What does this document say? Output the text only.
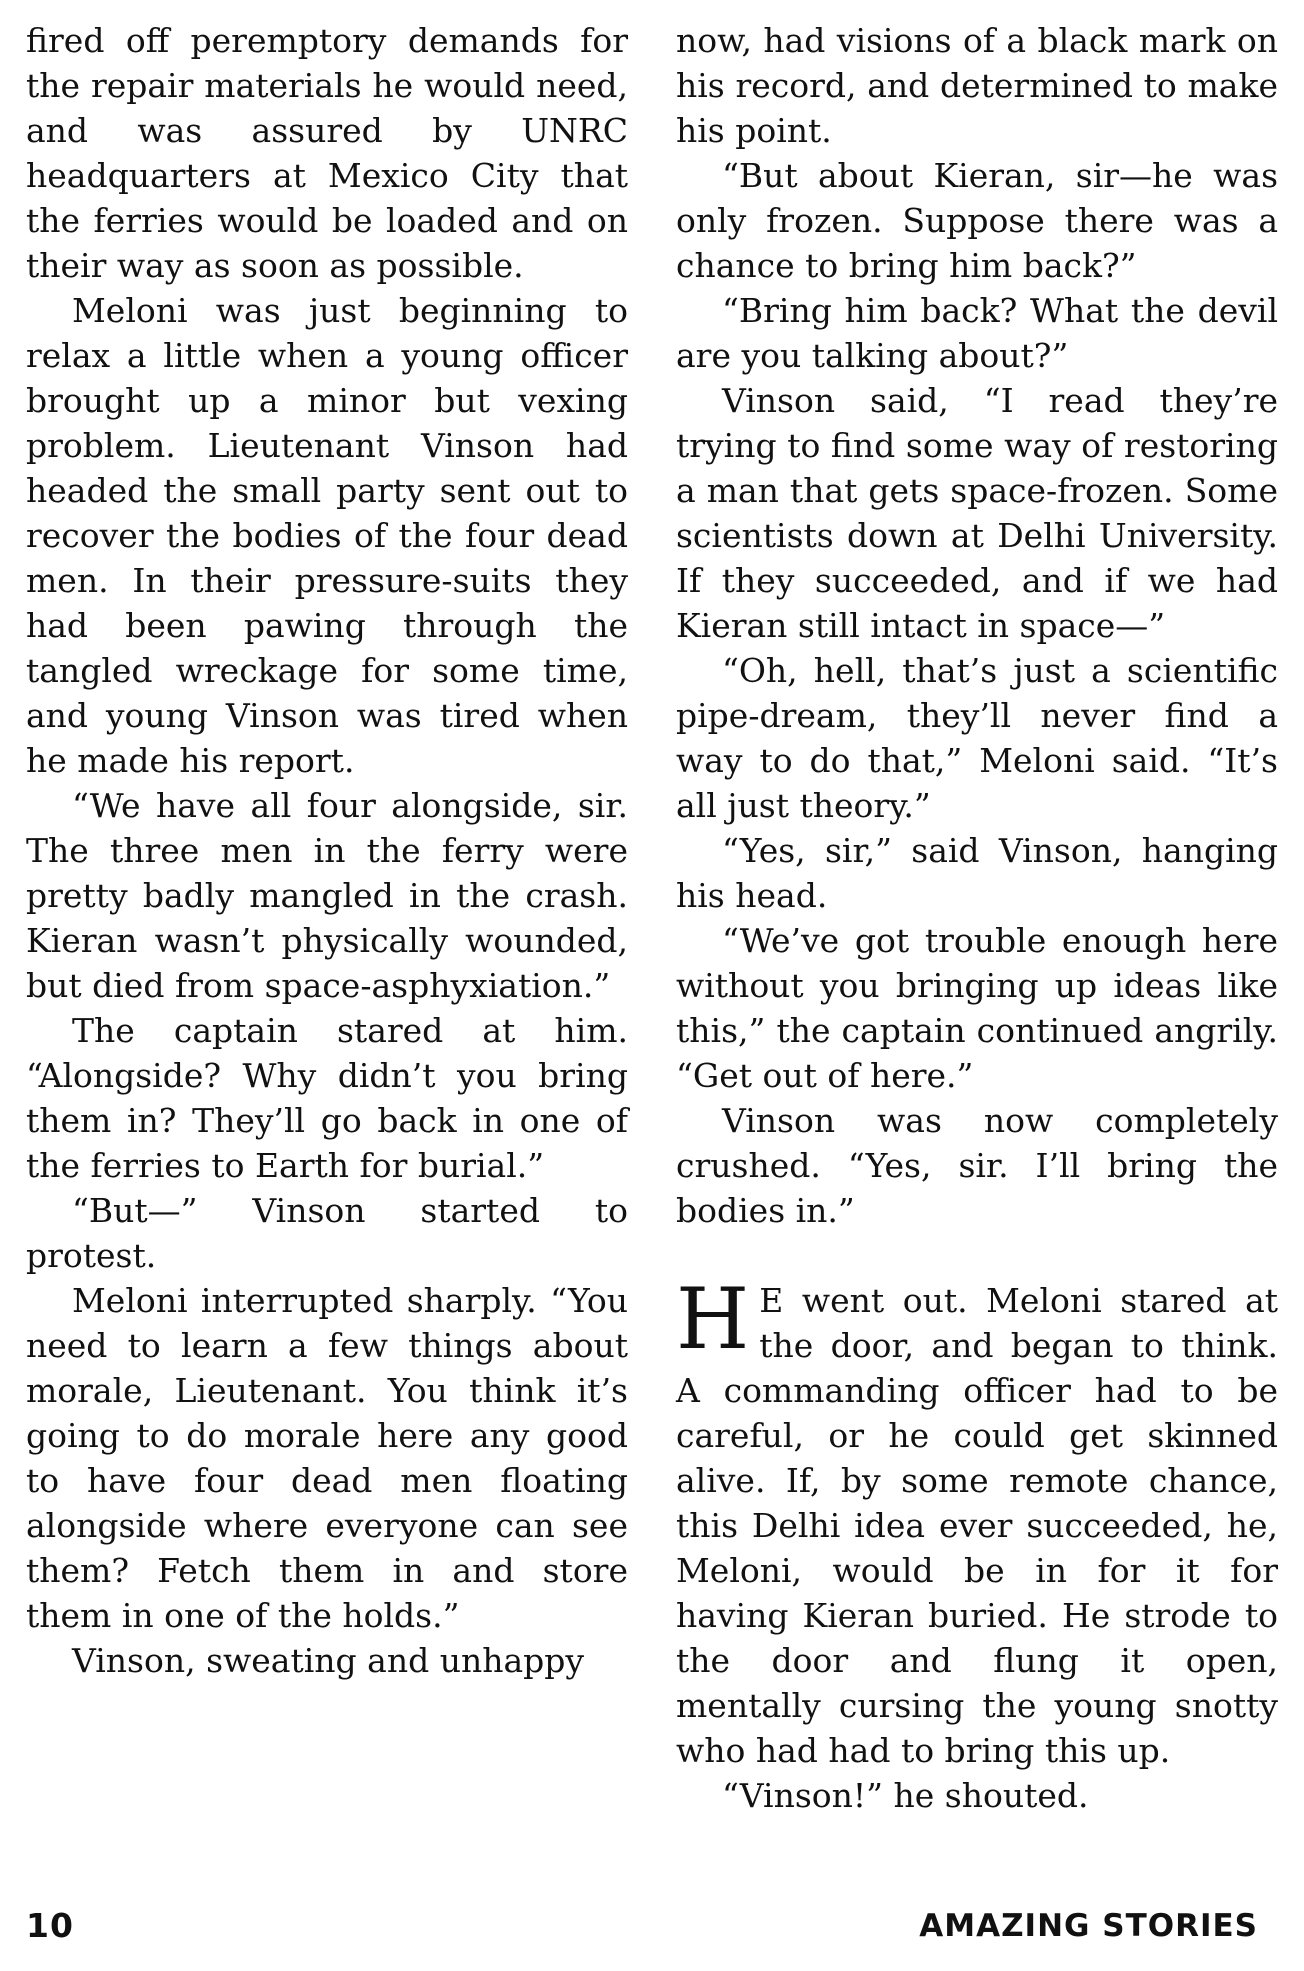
fired off peremptory demands for the repair materials he would need, and was assured by UNRC headquarters at Mexico City that the ferries would be loaded and on their way as soon as possible.

Meloni was just beginning to relax a little when a young officer brought up a minor but vexing problem. Lieutenant Vinson had headed the small party sent out to recover the bodies of the four dead men. In their pressure-suits they had been pawing through the tangled wreckage for some time, and young Vinson was tired when he made his report.

“We have all four alongside, sir. The three men in the ferry were pretty badly mangled in the crash. Kieran wasn’t physically wounded, but died from space-asphyxiation.”

The captain stared at him. “Alongside? Why didn’t you bring them in? They’ll go back in one of the ferries to Earth for burial.”

“But—” Vinson started to protest.

Meloni interrupted sharply. “You need to learn a few things about morale, Lieutenant. You think it’s going to do morale here any good to have four dead men floating alongside where everyone can see them? Fetch them in and store them in one of the holds.”

Vinson, sweating and unhappy

now, had visions of a black mark on his record, and determined to make his point.

“But about Kieran, sir—he was only frozen. Suppose there was a chance to bring him back?”

“Bring him back? What the devil are you talking about?”

Vinson said, “I read they’re trying to find some way of restoring a man that gets space-frozen. Some scientists down at Delhi University. If they succeeded, and if we had Kieran still intact in space—”

“Oh, hell, that’s just a scientific pipe-dream, they’ll never find a way to do that,” Meloni said. “It’s all just theory.”

“Yes, sir,” said Vinson, hanging his head.

“We’ve got trouble enough here without you bringing up ideas like this,” the captain continued angrily. “Get out of here.”

Vinson was now completely crushed. “Yes, sir. I’ll bring the bodies in.”

H E went out. Meloni stared at the door, and began to think. A commanding officer had to be careful, or he could get skinned alive. If, by some remote chance, this Delhi idea ever succeeded, he, Meloni, would be in for it for having Kieran buried. He strode to the door and flung it open, mentally cursing the young snotty who had had to bring this up.

“Vinson!” he shouted.

10	AMAZING STORIES
